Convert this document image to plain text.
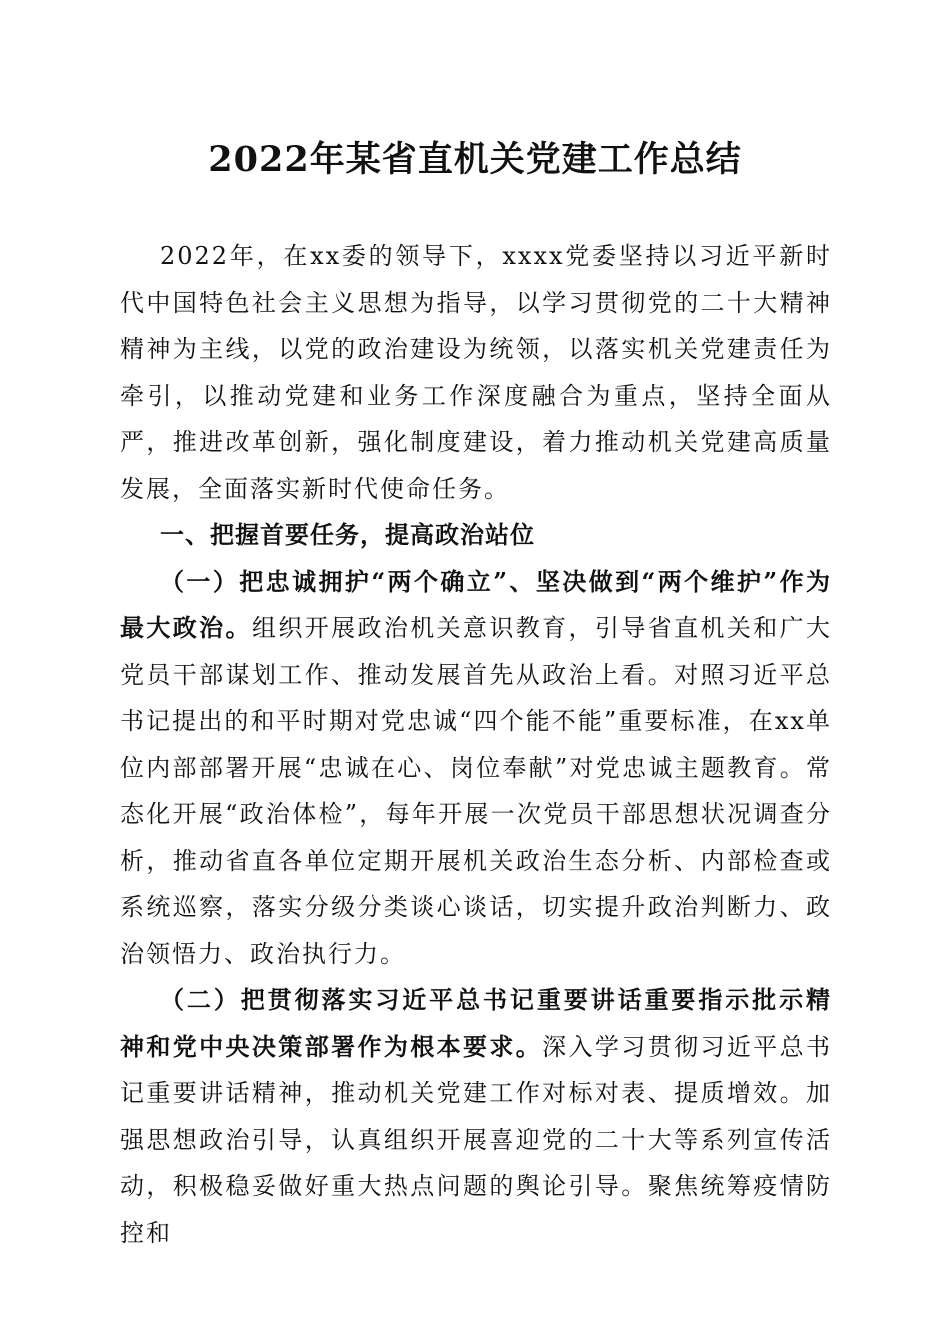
2022年某省直机关党建工作总结

2022年，在xx委的领导下，xxxx党委坚持以习近平新时代中国特色社会主义思想为指导，以学习贯彻党的二十大精神精神为主线，以党的政治建设为统领，以落实机关党建责任为牵引，以推动党建和业务工作深度融合为重点，坚持全面从严，推进改革创新，强化制度建设，着力推动机关党建高质量发展，全面落实新时代使命任务。

一、把握首要任务，提高政治站位

（一）把忠诚拥护“两个确立”、坚决做到“两个维护”作为最大政治。组织开展政治机关意识教育，引导省直机关和广大党员干部谋划工作、推动发展首先从政治上看。对照习近平总书记提出的和平时期对党忠诚“四个能不能”重要标准，在xx单位内部部署开展“忠诚在心、岗位奉献”对党忠诚主题教育。常态化开展“政治体检”，每年开展一次党员干部思想状况调查分析，推动省直各单位定期开展机关政治生态分析、内部检查或系统巡察，落实分级分类谈心谈话，切实提升政治判断力、政治领悟力、政治执行力。

（二）把贯彻落实习近平总书记重要讲话重要指示批示精神和党中央决策部署作为根本要求。深入学习贯彻习近平总书记重要讲话精神，推动机关党建工作对标对表、提质增效。加强思想政治引导，认真组织开展喜迎党的二十大等系列宣传活动，积极稳妥做好重大热点问题的舆论引导。聚焦统筹疫情防控和
